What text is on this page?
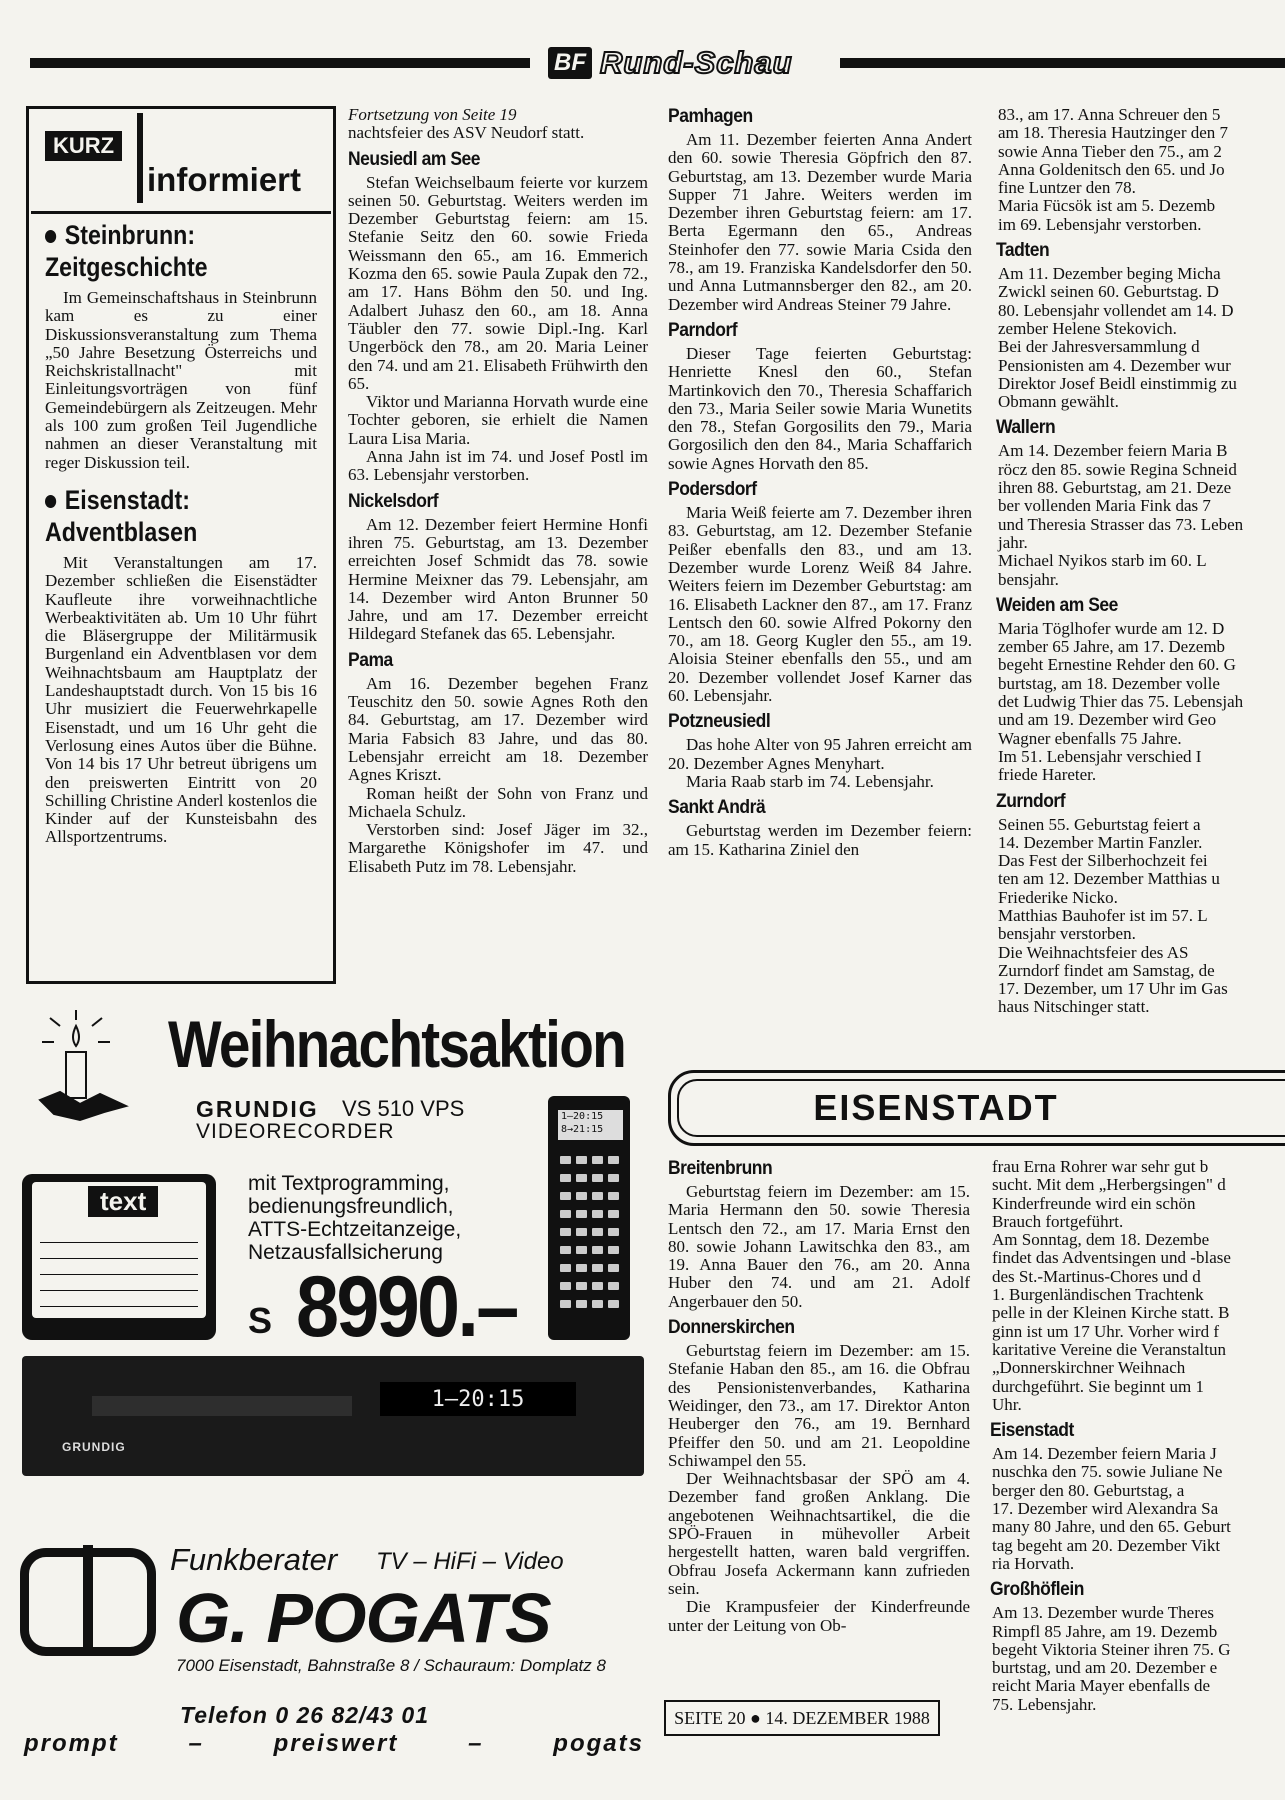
BF Rund-Schau
KURZ
informiert

Steinbrunn:

Zeitgeschichte

Im Gemeinschaftshaus in Steinbrunn kam es zu einer Diskussionsveranstaltung zum Thema „50 Jahre Besetzung Österreichs und Reichskristallnacht" mit Einleitungsvorträgen von fünf Gemeindebürgern als Zeitzeugen. Mehr als 100 zum großen Teil Jugendliche nahmen an dieser Veranstaltung mit reger Diskussion teil.

Eisenstadt:

Adventblasen

Mit Veranstaltungen am 17. Dezember schließen die Eisenstädter Kaufleute ihre vorweihnachtliche Werbeaktivitäten ab. Um 10 Uhr führt die Bläsergruppe der Militärmusik Burgenland ein Adventblasen vor dem Weihnachtsbaum am Hauptplatz der Landeshauptstadt durch. Von 15 bis 16 Uhr musiziert die Feuerwehrkapelle Eisenstadt, und um 16 Uhr geht die Verlosung eines Autos über die Bühne. Von 14 bis 17 Uhr betreut übrigens um den preiswerten Eintritt von 20 Schilling Christine Anderl kostenlos die Kinder auf der Kunsteisbahn des Allsportzentrums.

Fortsetzung von Seite 19

nachtsfeier des ASV Neudorf statt.

Neusiedl am See

Stefan Weichselbaum feierte vor kurzem seinen 50. Geburtstag. Weiters werden im Dezember Geburtstag feiern: am 15. Stefanie Seitz den 60. sowie Frieda Weissmann den 65., am 16. Emmerich Kozma den 65. sowie Paula Zupak den 72., am 17. Hans Böhm den 50. und Ing. Adalbert Juhasz den 60., am 18. Anna Täubler den 77. sowie Dipl.-Ing. Karl Ungerböck den 78., am 20. Maria Leiner den 74. und am 21. Elisabeth Frühwirth den 65.

Viktor und Marianna Horvath wurde eine Tochter geboren, sie erhielt die Namen Laura Lisa Maria.

Anna Jahn ist im 74. und Josef Postl im 63. Lebensjahr verstorben.

Nickelsdorf

Am 12. Dezember feiert Hermine Honfi ihren 75. Geburtstag, am 13. Dezember erreichten Josef Schmidt das 78. sowie Hermine Meixner das 79. Lebensjahr, am 14. Dezember wird Anton Brunner 50 Jahre, und am 17. Dezember erreicht Hildegard Stefanek das 65. Lebensjahr.

Pama

Am 16. Dezember begehen Franz Teuschitz den 50. sowie Agnes Roth den 84. Geburtstag, am 17. Dezember wird Maria Fabsich 83 Jahre, und das 80. Lebensjahr erreicht am 18. Dezember Agnes Kriszt.

Roman heißt der Sohn von Franz und Michaela Schulz.

Verstorben sind: Josef Jäger im 32., Margarethe Königshofer im 47. und Elisabeth Putz im 78. Lebensjahr.

Pamhagen

Am 11. Dezember feierten Anna Andert den 60. sowie Theresia Göpfrich den 87. Geburtstag, am 13. Dezember wurde Maria Supper 71 Jahre. Weiters werden im Dezember ihren Geburtstag feiern: am 17. Berta Egermann den 65., Andreas Steinhofer den 77. sowie Maria Csida den 78., am 19. Franziska Kandelsdorfer den 50. und Anna Lutmannsberger den 82., am 20. Dezember wird Andreas Steiner 79 Jahre.

Parndorf

Dieser Tage feierten Geburtstag: Henriette Knesl den 60., Stefan Martinkovich den 70., Theresia Schaffarich den 73., Maria Seiler sowie Maria Wunetits den 78., Stefan Gorgosilits den 79., Maria Gorgosilich den den 84., Maria Schaffarich sowie Agnes Horvath den 85.

Podersdorf

Maria Weiß feierte am 7. Dezember ihren 83. Geburtstag, am 12. Dezember Stefanie Peißer ebenfalls den 83., und am 13. Dezember wurde Lorenz Weiß 84 Jahre. Weiters feiern im Dezember Geburtstag: am 16. Elisabeth Lackner den 87., am 17. Franz Lentsch den 60. sowie Alfred Pokorny den 70., am 18. Georg Kugler den 55., am 19. Aloisia Steiner ebenfalls den 55., und am 20. Dezember vollendet Josef Karner das 60. Lebensjahr.

Potzneusiedl

Das hohe Alter von 95 Jahren erreicht am 20. Dezember Agnes Menyhart.

Maria Raab starb im 74. Lebensjahr.

Sankt Andrä

Geburtstag werden im Dezember feiern: am 15. Katharina Ziniel den

83., am 17. Anna Schreuer den 5
am 18. Theresia Hautzinger den 7
sowie Anna Tieber den 75., am 2
Anna Goldenitsch den 65. und Jo
fine Luntzer den 78.
Maria Fücsök ist am 5. Dezemb
im 69. Lebensjahr verstorben.
Tadten
Am 11. Dezember beging Micha
Zwickl seinen 60. Geburtstag. D
80. Lebensjahr vollendet am 14. D
zember Helene Stekovich.
Bei der Jahresversammlung d
Pensionisten am 4. Dezember wur
Direktor Josef Beidl einstimmig zu
Obmann gewählt.
Wallern
Am 14. Dezember feiern Maria B
röcz den 85. sowie Regina Schneid
ihren 88. Geburtstag, am 21. Deze
ber vollenden Maria Fink das 7
und Theresia Strasser das 73. Leben
jahr.
Michael Nyikos starb im 60. L
bensjahr.
Weiden am See
Maria Töglhofer wurde am 12. D
zember 65 Jahre, am 17. Dezemb
begeht Ernestine Rehder den 60. G
burtstag, am 18. Dezember volle
det Ludwig Thier das 75. Lebensjah
und am 19. Dezember wird Geo
Wagner ebenfalls 75 Jahre.
Im 51. Lebensjahr verschied I
friede Hareter.
Zurndorf
Seinen 55. Geburtstag feiert a
14. Dezember Martin Fanzler.
Das Fest der Silberhochzeit fei
ten am 12. Dezember Matthias u
Friederike Nicko.
Matthias Bauhofer ist im 57. L
bensjahr verstorben.
Die Weihnachtsfeier des AS
Zurndorf findet am Samstag, de
17. Dezember, um 17 Uhr im Gas
haus Nitschinger statt.
EISENSTADT
Breitenbrunn

Geburtstag feiern im Dezember: am 15. Maria Hermann den 50. sowie Theresia Lentsch den 72., am 17. Maria Ernst den 80. sowie Johann Lawitschka den 83., am 19. Anna Bauer den 76., am 20. Anna Huber den 74. und am 21. Adolf Angerbauer den 50.

Donnerskirchen

Geburtstag feiern im Dezember: am 15. Stefanie Haban den 85., am 16. die Obfrau des Pensionistenverbandes, Katharina Weidinger, den 73., am 17. Direktor Anton Heuberger den 76., am 19. Bernhard Pfeiffer den 50. und am 21. Leopoldine Schiwampel den 55.

Der Weihnachtsbasar der SPÖ am 4. Dezember fand großen Anklang. Die angebotenen Weihnachtsartikel, die die SPÖ-Frauen in mühevoller Arbeit hergestellt hatten, waren bald vergriffen. Obfrau Josefa Ackermann kann zufrieden sein.

Die Krampusfeier der Kinderfreunde unter der Leitung von Ob-

frau Erna Rohrer war sehr gut b
sucht. Mit dem „Herbergsingen" d
Kinderfreunde wird ein schön
Brauch fortgeführt.
Am Sonntag, dem 18. Dezembe
findet das Adventsingen und -blase
des St.-Martinus-Chores und d
1. Burgenländischen Trachtenk
pelle in der Kleinen Kirche statt. B
ginn ist um 17 Uhr. Vorher wird f
karitative Vereine die Veranstaltun
„Donnerskirchner Weihnach
durchgeführt. Sie beginnt um 1
Uhr.
Eisenstadt
Am 14. Dezember feiern Maria J
nuschka den 75. sowie Juliane Ne
berger den 80. Geburtstag, a
17. Dezember wird Alexandra Sa
many 80 Jahre, und den 65. Geburt
tag begeht am 20. Dezember Vikt
ria Horvath.
Großhöflein
Am 13. Dezember wurde Theres
Rimpfl 85 Jahre, am 19. Dezemb
begeht Viktoria Steiner ihren 75. G
burtstag, und am 20. Dezember e
reicht Maria Mayer ebenfalls de
75. Lebensjahr.
SEITE 20 ● 14. DEZEMBER 1988
Weihnachtsaktion
GRUNDIG VS 510 VPS
VIDEORECORDER
text
mit Textprogramming,
bedienungsfreundlich,
ATTS-Echtzeitanzeige,
Netzausfallsicherung
S 8990.–
1–20:15
8→21:15
1–20:15
GRUNDIG
Funkberater TV – HiFi – Video
G. POGATS
7000 Eisenstadt, Bahnstraße 8 / Schauraum: Domplatz 8
Telefon 0 26 82/43 01
prompt	–	preiswert	–	pogats
